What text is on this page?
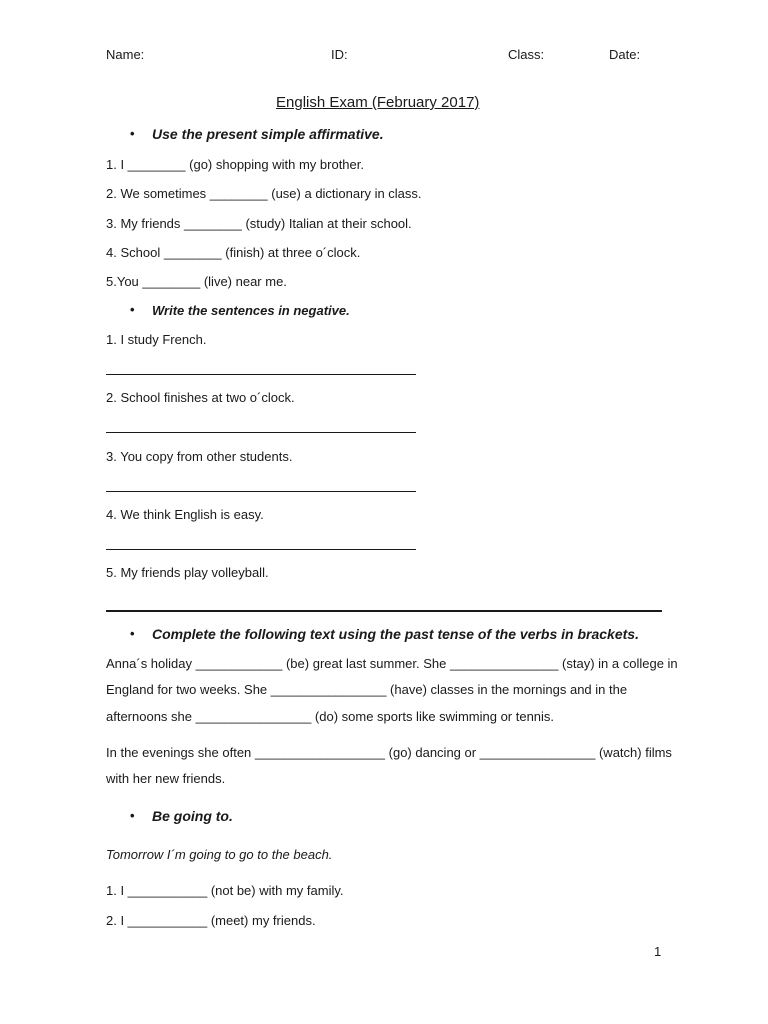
Name:	ID:	Class:	Date:
English Exam (February 2017)
• Use the present simple affirmative.
1. I ________ (go) shopping with my brother.
2. We sometimes ________ (use) a dictionary in class.
3. My friends ________ (study) Italian at their school.
4. School ________ (finish) at three o´clock.
5.You ________ (live) near me.
• Write the sentences in negative.
1. I study French.
2. School finishes at two o´clock.
3. You copy from other students.
4. We think English is easy.
5. My friends play volleyball.
• Complete the following text using the past tense of the verbs in brackets.
Anna´s holiday ____________ (be) great last summer. She _______________ (stay) in a college in
England for two weeks. She ________________ (have) classes in the mornings and in the
afternoons she ________________ (do) some sports like swimming or tennis.
In the evenings she often __________________ (go) dancing or ________________ (watch) films
with her new friends.
• Be going to.
Tomorrow I´m going to go to the beach.
1. I ___________ (not be) with my family.
2. I ___________ (meet) my friends.
1
